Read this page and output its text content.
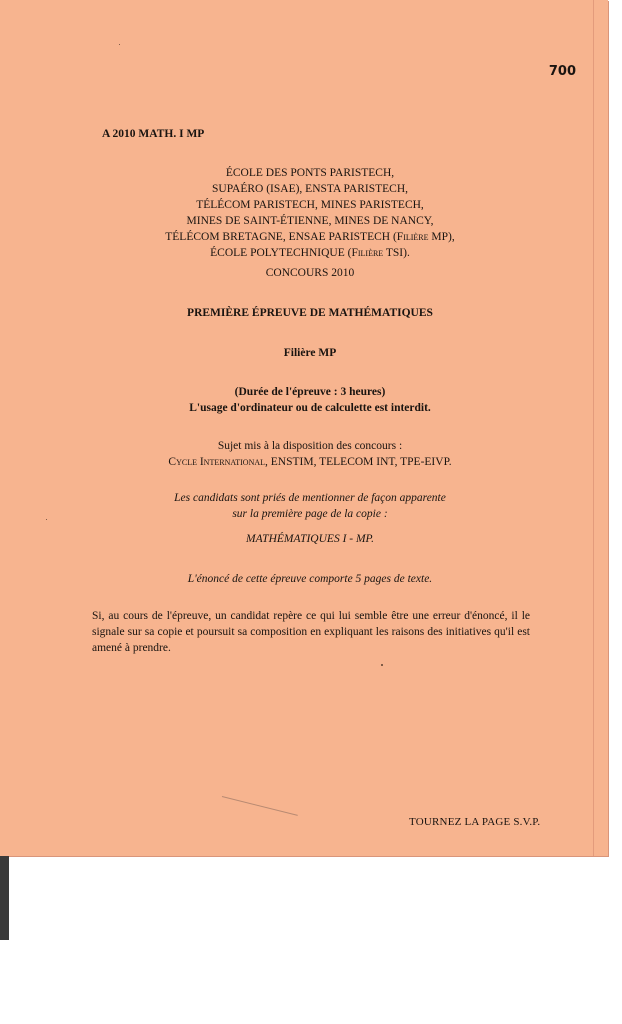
700
A 2010 MATH. I MP
ÉCOLE DES PONTS PARISTECH,
SUPAÉRO (ISAE), ENSTA PARISTECH,
TÉLÉCOM PARISTECH, MINES PARISTECH,
MINES DE SAINT-ÉTIENNE, MINES DE NANCY,
TÉLÉCOM BRETAGNE, ENSAE PARISTECH (Filière MP),
ÉCOLE POLYTECHNIQUE (Filière TSI).
CONCOURS 2010
PREMIÈRE ÉPREUVE DE MATHÉMATIQUES
Filière MP
(Durée de l'épreuve : 3 heures)
L'usage d'ordinateur ou de calculette est interdit.
Sujet mis à la disposition des concours :
Cycle International, ENSTIM, TELECOM INT, TPE-EIVP.
Les candidats sont priés de mentionner de façon apparente
sur la première page de la copie :
MATHÉMATIQUES I - MP.
L'énoncé de cette épreuve comporte 5 pages de texte.
Si, au cours de l'épreuve, un candidat repère ce qui lui semble être une erreur d'énoncé, il le signale sur sa copie et poursuit sa composition en expliquant les raisons des initiatives qu'il est amené à prendre.
TOURNEZ LA PAGE S.V.P.
